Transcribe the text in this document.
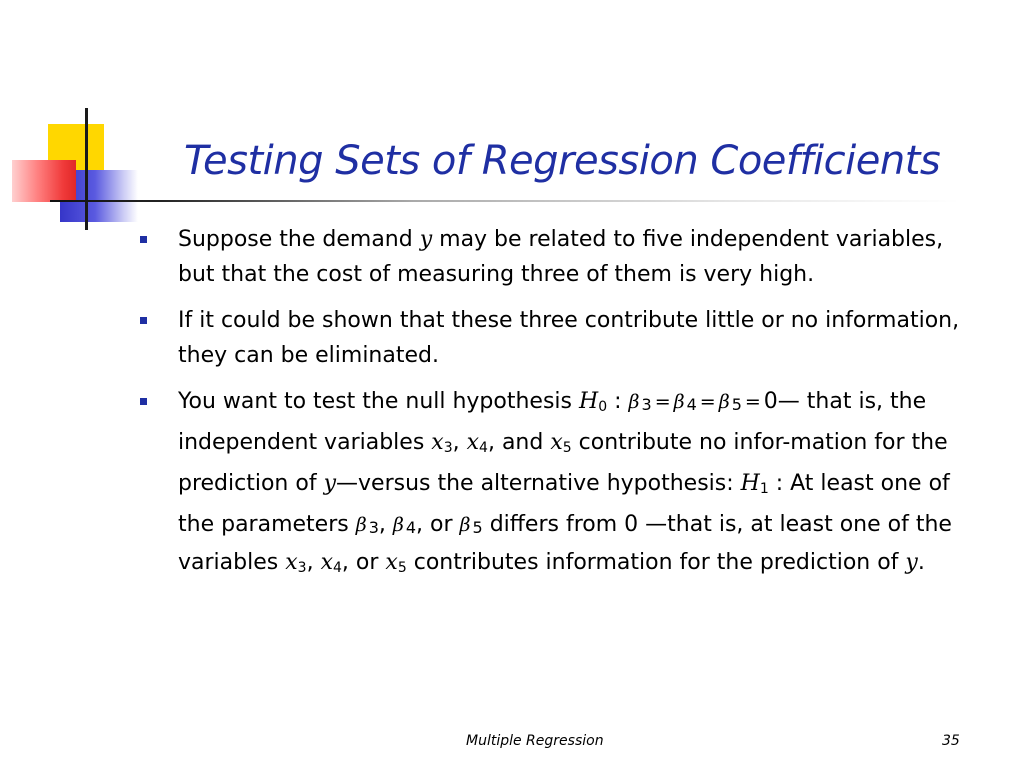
Testing Sets of Regression Coefficients
Suppose the demand y may be related to five independent variables, but that the cost of measuring three of them is very high.
If it could be shown that these three contribute little or no information, they can be eliminated.
You want to test the null hypothesis $H_0$ : β 3 = β 4 = β 5 = 0— that is, the independent variables $x_3$, $x_4$, and $x_5$ contribute no infor-mation for the prediction of y—versus the alternative hypothesis: $H_1$ : At least one of the parameters β 3, β 4, or β 5 differs from 0 —that is, at least one of the variables $x_3$, $x_4$, or $x_5$ contributes information for the prediction of y.
Multiple Regression	35
